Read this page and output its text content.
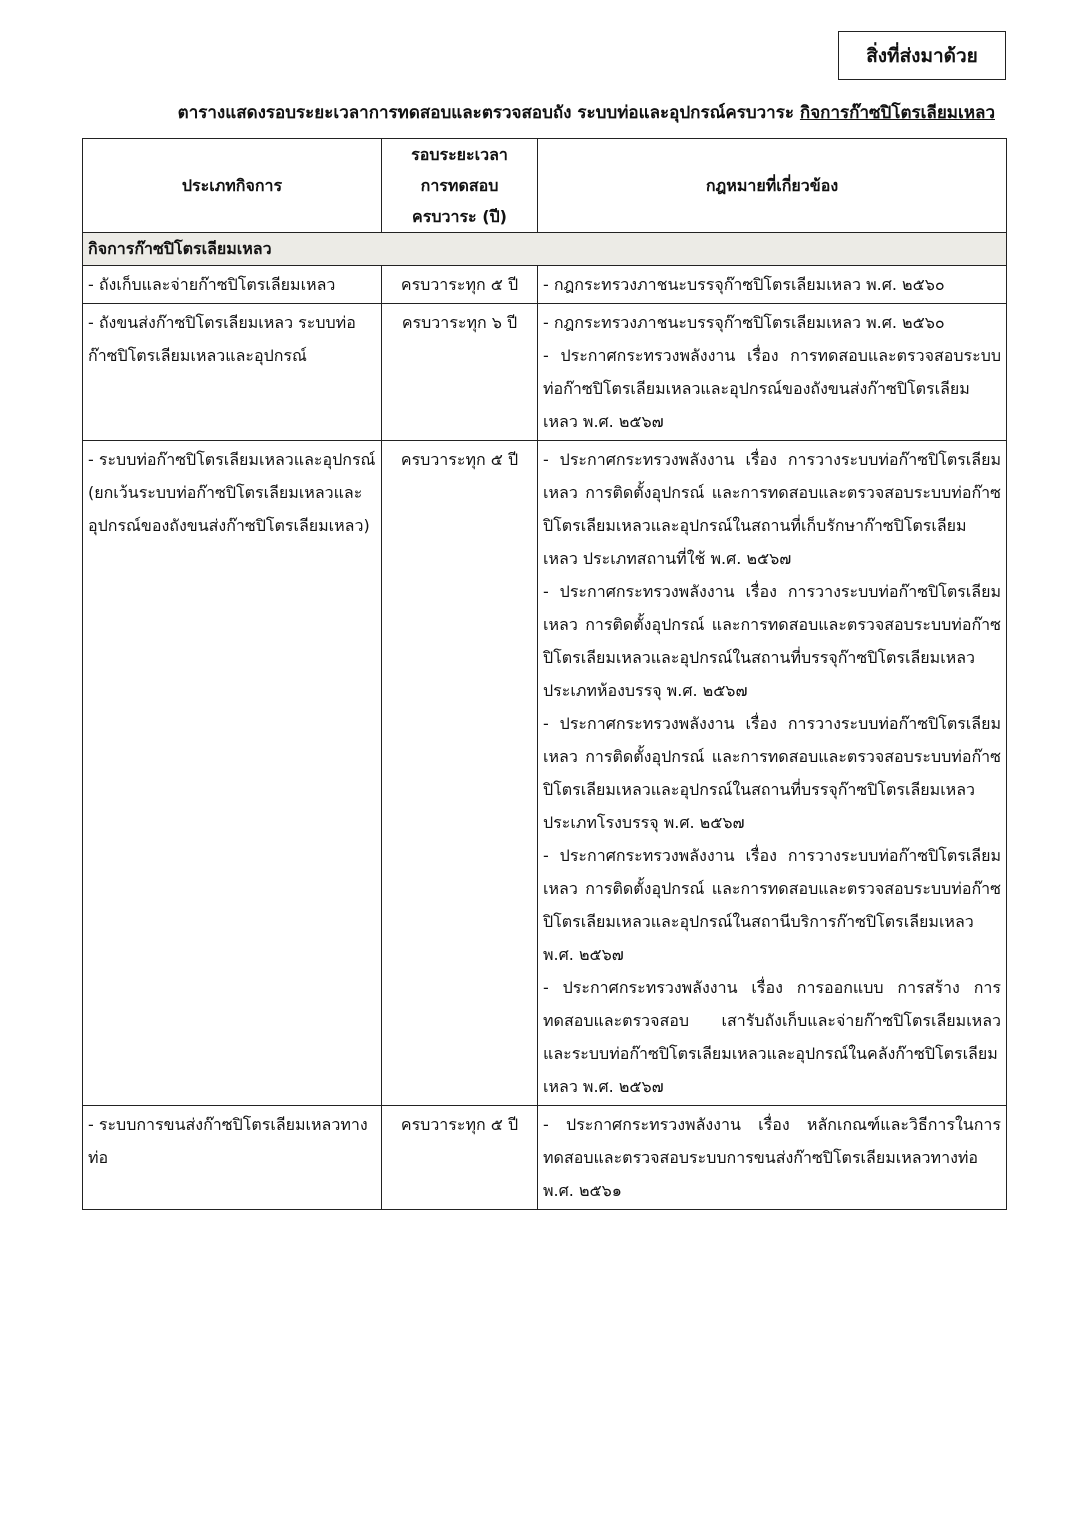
สิ่งที่ส่งมาด้วย
ตารางแสดงรอบระยะเวลาการทดสอบและตรวจสอบถัง ระบบท่อและอุปกรณ์ครบวาระ กิจการก๊าซปิโตรเลียมเหลว
ประเภทกิจการ	รอบระยะเวลา
การทดสอบ
ครบวาระ (ปี)	กฎหมายที่เกี่ยวข้อง
กิจการก๊าซปิโตรเลียมเหลว		
- ถังเก็บและจ่ายก๊าซปิโตรเลียมเหลว	ครบวาระทุก ๕ ปี	- กฎกระทรวงภาชนะบรรจุก๊าซปิโตรเลียมเหลว พ.ศ. ๒๕๖๐

- ถังขนส่งก๊าซปิโตรเลียมเหลว ระบบท่อก๊าซปิโตรเลียมเหลวและอุปกรณ์	ครบวาระทุก ๖ ปี	- กฎกระทรวงภาชนะบรรจุก๊าซปิโตรเลียมเหลว พ.ศ. ๒๕๖๐
- ประกาศกระทรวงพลังงาน เรื่อง การทดสอบและตรวจสอบระบบท่อก๊าซปิโตรเลียมเหลวและอุปกรณ์ของถังขนส่งก๊าซปิโตรเลียมเหลว พ.ศ. ๒๕๖๗

- ระบบท่อก๊าซปิโตรเลียมเหลวและอุปกรณ์ (ยกเว้นระบบท่อก๊าซปิโตรเลียมเหลวและอุปกรณ์ของถังขนส่งก๊าซปิโตรเลียมเหลว)	ครบวาระทุก ๕ ปี	- ประกาศกระทรวงพลังงาน เรื่อง การวางระบบท่อก๊าซปิโตรเลียมเหลว การติดตั้งอุปกรณ์ และการทดสอบและตรวจสอบระบบท่อก๊าซปิโตรเลียมเหลวและอุปกรณ์ในสถานที่เก็บรักษาก๊าซปิโตรเลียมเหลว ประเภทสถานที่ใช้ พ.ศ. ๒๕๖๗
- ประกาศกระทรวงพลังงาน เรื่อง การวางระบบท่อก๊าซปิโตรเลียมเหลว การติดตั้งอุปกรณ์ และการทดสอบและตรวจสอบระบบท่อก๊าซปิโตรเลียมเหลวและอุปกรณ์ในสถานที่บรรจุก๊าซปิโตรเลียมเหลวประเภทห้องบรรจุ พ.ศ. ๒๕๖๗
- ประกาศกระทรวงพลังงาน เรื่อง การวางระบบท่อก๊าซปิโตรเลียมเหลว การติดตั้งอุปกรณ์ และการทดสอบและตรวจสอบระบบท่อก๊าซปิโตรเลียมเหลวและอุปกรณ์ในสถานที่บรรจุก๊าซปิโตรเลียมเหลวประเภทโรงบรรจุ พ.ศ. ๒๕๖๗
- ประกาศกระทรวงพลังงาน เรื่อง การวางระบบท่อก๊าซปิโตรเลียมเหลว การติดตั้งอุปกรณ์ และการทดสอบและตรวจสอบระบบท่อก๊าซปิโตรเลียมเหลวและอุปกรณ์ในสถานีบริการก๊าซปิโตรเลียมเหลว พ.ศ. ๒๕๖๗
- ประกาศกระทรวงพลังงาน เรื่อง การออกแบบ การสร้าง การทดสอบและตรวจสอบ เสารับถังเก็บและจ่ายก๊าซปิโตรเลียมเหลว และระบบท่อก๊าซปิโตรเลียมเหลวและอุปกรณ์ในคลังก๊าซปิโตรเลียมเหลว พ.ศ. ๒๕๖๗

- ระบบการขนส่งก๊าซปิโตรเลียมเหลวทางท่อ	ครบวาระทุก ๕ ปี	- ประกาศกระทรวงพลังงาน เรื่อง หลักเกณฑ์และวิธีการในการทดสอบและตรวจสอบระบบการขนส่งก๊าซปิโตรเลียมเหลวทางท่อ พ.ศ. ๒๕๖๑
